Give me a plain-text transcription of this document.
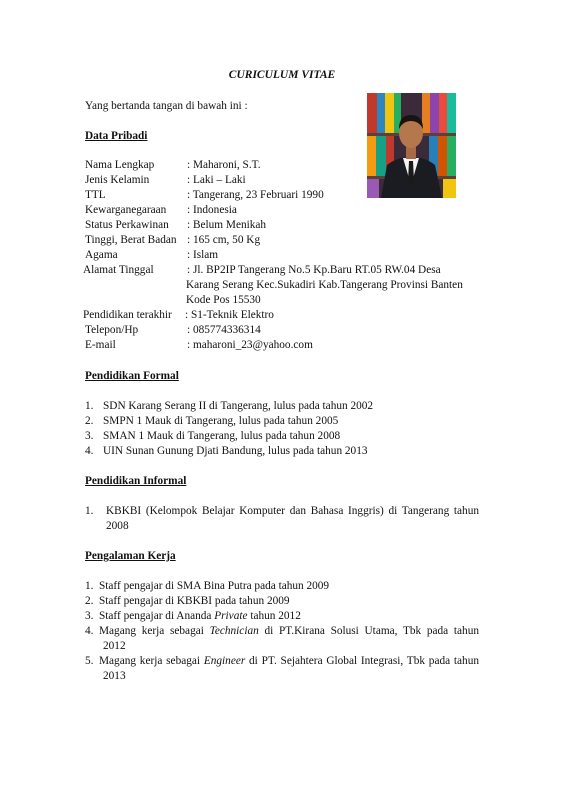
CURICULUM VITAE
Yang bertanda tangan di bawah ini :
Data Pribadi
Nama Lengkap	: Maharoni, S.T.
Jenis Kelamin	: Laki – Laki
TTL	: Tangerang, 23 Februari 1990
Kewarganegaraan : Indonesia
Status Perkawinan : Belum Menikah
Tinggi, Berat Badan : 165 cm, 50 Kg
Agama	: Islam
Alamat Tinggal	: Jl. BP2IP Tangerang No.5 Kp.Baru RT.05 RW.04 Desa
Karang Serang Kec.Sukadiri Kab.Tangerang Provinsi Banten
Kode Pos 15530
Pendidikan terakhir : S1-Teknik Elektro
Telepon/Hp	: 085774336314
E-mail	: maharoni_23@yahoo.com
Pendidikan Formal
1. SDN Karang Serang II di Tangerang, lulus pada tahun 2002
2. SMPN 1 Mauk di Tangerang, lulus pada tahun 2005
3. SMAN 1 Mauk di Tangerang, lulus pada tahun 2008
4. UIN Sunan Gunung Djati Bandung, lulus pada tahun 2013
Pendidikan Informal
1. KBKBI (Kelompok Belajar Komputer dan Bahasa Inggris) di Tangerang tahun
2008
Pengalaman Kerja
1. Staff pengajar di SMA Bina Putra pada tahun 2009
2. Staff pengajar di KBKBI pada tahun 2009
3. Staff pengajar di Ananda Private tahun 2012
4. Magang kerja sebagai Technician di PT.Kirana Solusi Utama, Tbk pada tahun
2012
5. Magang kerja sebagai Engineer di PT. Sejahtera Global Integrasi, Tbk pada tahun
2013
